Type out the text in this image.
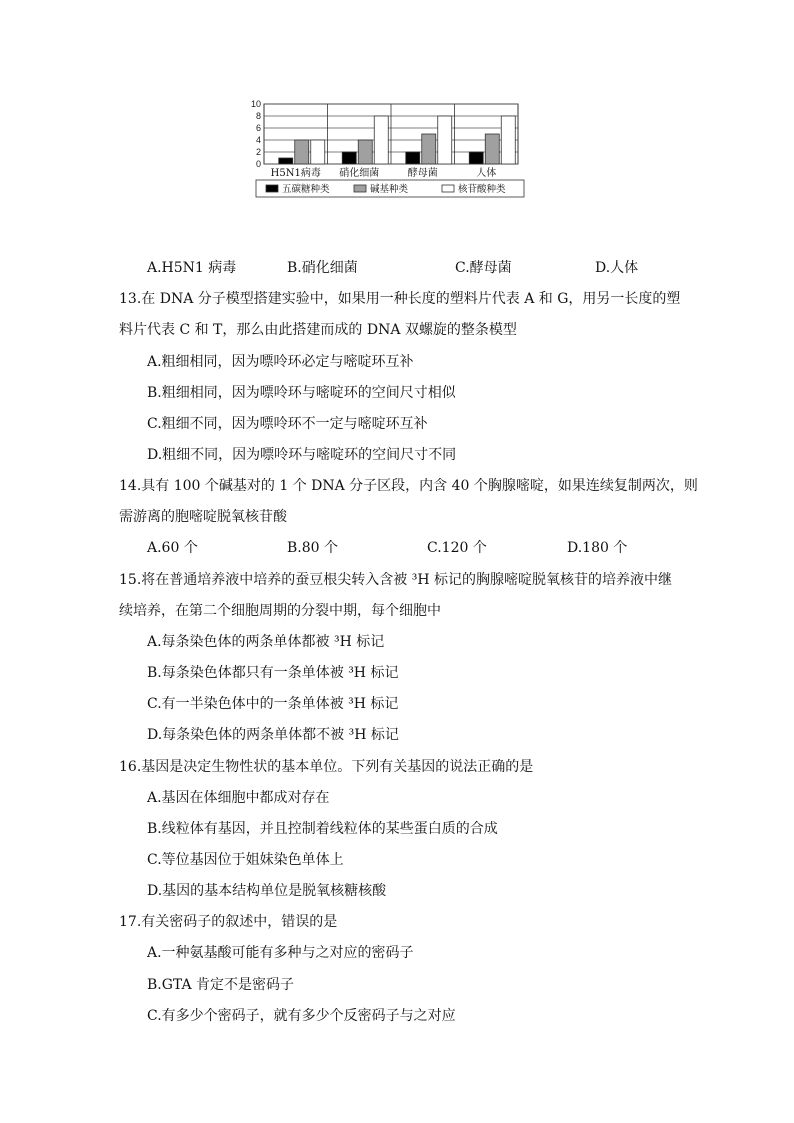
0
2
4
6
8
10
H5N1病毒 硝化细菌	酵母菌	人体
五碳糖种类	碱基种类	核苷酸种类
A.H5N1 病毒	B.硝化细菌	C.酵母菌	D.人体
13.在 DNA 分子模型搭建实验中，如果用一种长度的塑料片代表 A 和 G，用另一长度的塑
料片代表 C 和 T，那么由此搭建而成的 DNA 双螺旋的整条模型
A.粗细相同，因为嘌呤环必定与嘧啶环互补
B.粗细相同，因为嘌呤环与嘧啶环的空间尺寸相似
C.粗细不同，因为嘌呤环不一定与嘧啶环互补
D.粗细不同，因为嘌呤环与嘧啶环的空间尺寸不同
14.具有 100 个碱基对的 1 个 DNA 分子区段，内含 40 个胸腺嘧啶，如果连续复制两次，则
需游离的胞嘧啶脱氧核苷酸
A.60 个	B.80 个	C.120 个	D.180 个
15.将在普通培养液中培养的蚕豆根尖转入含被 ³H 标记的胸腺嘧啶脱氧核苷的培养液中继
续培养，在第二个细胞周期的分裂中期，每个细胞中
A.每条染色体的两条单体都被 ³H 标记
B.每条染色体都只有一条单体被 ³H 标记
C.有一半染色体中的一条单体被 ³H 标记
D.每条染色体的两条单体都不被 ³H 标记
16.基因是决定生物性状的基本单位。下列有关基因的说法正确的是
A.基因在体细胞中都成对存在
B.线粒体有基因，并且控制着线粒体的某些蛋白质的合成
C.等位基因位于姐妹染色单体上
D.基因的基本结构单位是脱氧核糖核酸
17.有关密码子的叙述中，错误的是
A.一种氨基酸可能有多种与之对应的密码子
B.GTA 肯定不是密码子
C.有多少个密码子，就有多少个反密码子与之对应
